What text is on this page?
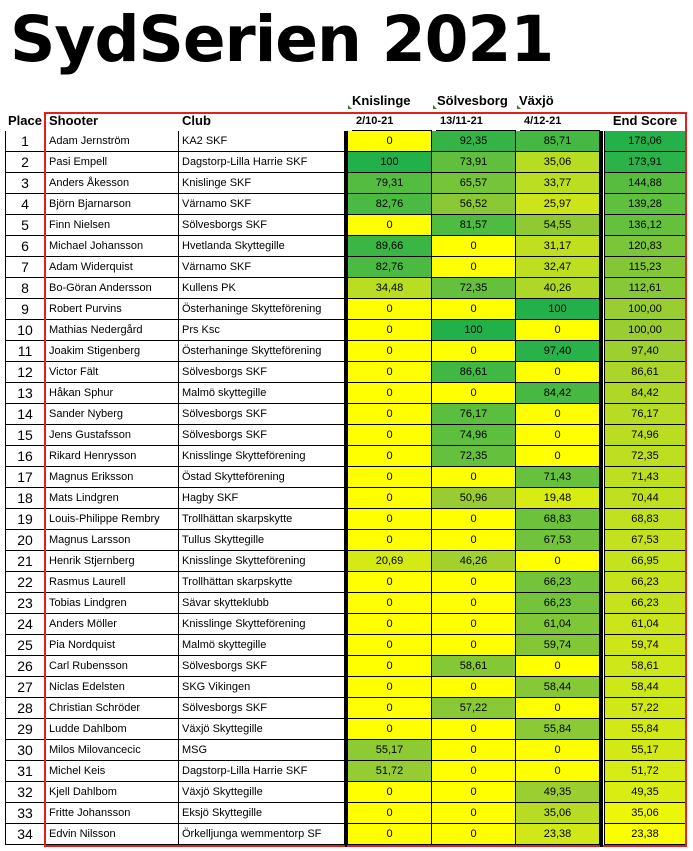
SydSerien 2021
Knislinge Sölvesborg Växjö
Place Shooter	Club	2/10-21	13/11-21	4/12-21	End Score
1	Adam Jernström	KA2 SKF	0	92,35	85,71	178,06
2	Pasi Empell	Dagstorp-Lilla Harrie SKF	100	73,91	35,06	173,91
3	Anders Åkesson	Knislinge SKF	79,31	65,57	33,77	144,88
4	Björn Bjarnarson	Värnamo SKF	82,76	56,52	25,97	139,28
5	Finn Nielsen	Sölvesborgs SKF	0	81,57	54,55	136,12
6	Michael Johansson	Hvetlanda Skyttegille	89,66	0	31,17	120,83
7	Adam Widerquist	Värnamo SKF	82,76	0	32,47	115,23
8	Bo-Göran Andersson	Kullens PK	34,48	72,35	40,26	112,61
9	Robert Purvins	Österhaninge Skytteförening	0	0	100	100,00
10	Mathias Nedergård	Prs Ksc	0	100	0	100,00
11	Joakim Stigenberg	Österhaninge Skytteförening	0	0	97,40	97,40
12	Victor Fält	Sölvesborgs SKF	0	86,61	0	86,61
13	Håkan Sphur	Malmö skyttegille	0	0	84,42	84,42
14	Sander Nyberg	Sölvesborgs SKF	0	76,17	0	76,17
15	Jens Gustafsson	Sölvesborgs SKF	0	74,96	0	74,96
16	Rikard Henrysson	Knisslinge Skytteförening	0	72,35	0	72,35
17	Magnus Eriksson	Östad Skytteförening	0	0	71,43	71,43
18	Mats Lindgren	Hagby SKF	0	50,96	19,48	70,44
19	Louis-Philippe Rembry	Trollhättan skarpskytte	0	0	68,83	68,83
20	Magnus Larsson	Tullus Skyttegille	0	0	67,53	67,53
21	Henrik Stjernberg	Knisslinge Skytteförening	20,69	46,26	0	66,95
22	Rasmus Laurell	Trollhättan skarpskytte	0	0	66,23	66,23
23	Tobias Lindgren	Sävar skytteklubb	0	0	66,23	66,23
24	Anders Möller	Knisslinge Skytteförening	0	0	61,04	61,04
25	Pia Nordquist	Malmö skyttegille	0	0	59,74	59,74
26	Carl Rubensson	Sölvesborgs SKF	0	58,61	0	58,61
27	Niclas Edelsten	SKG Vikingen	0	0	58,44	58,44
28	Christian Schröder	Sölvesborgs SKF	0	57,22	0	57,22
29	Ludde Dahlbom	Växjö Skyttegille	0	0	55,84	55,84
30	Milos Milovancecic	MSG	55,17	0	0	55,17
31	Michel Keis	Dagstorp-Lilla Harrie SKF	51,72	0	0	51,72
32	Kjell Dahlbom	Växjö Skyttegille	0	0	49,35	49,35
33	Fritte Johansson	Eksjö Skyttegille	0	0	35,06	35,06
34	Edvin Nilsson	Örkelljunga wemmentorp SF	0	0	23,38	23,38
